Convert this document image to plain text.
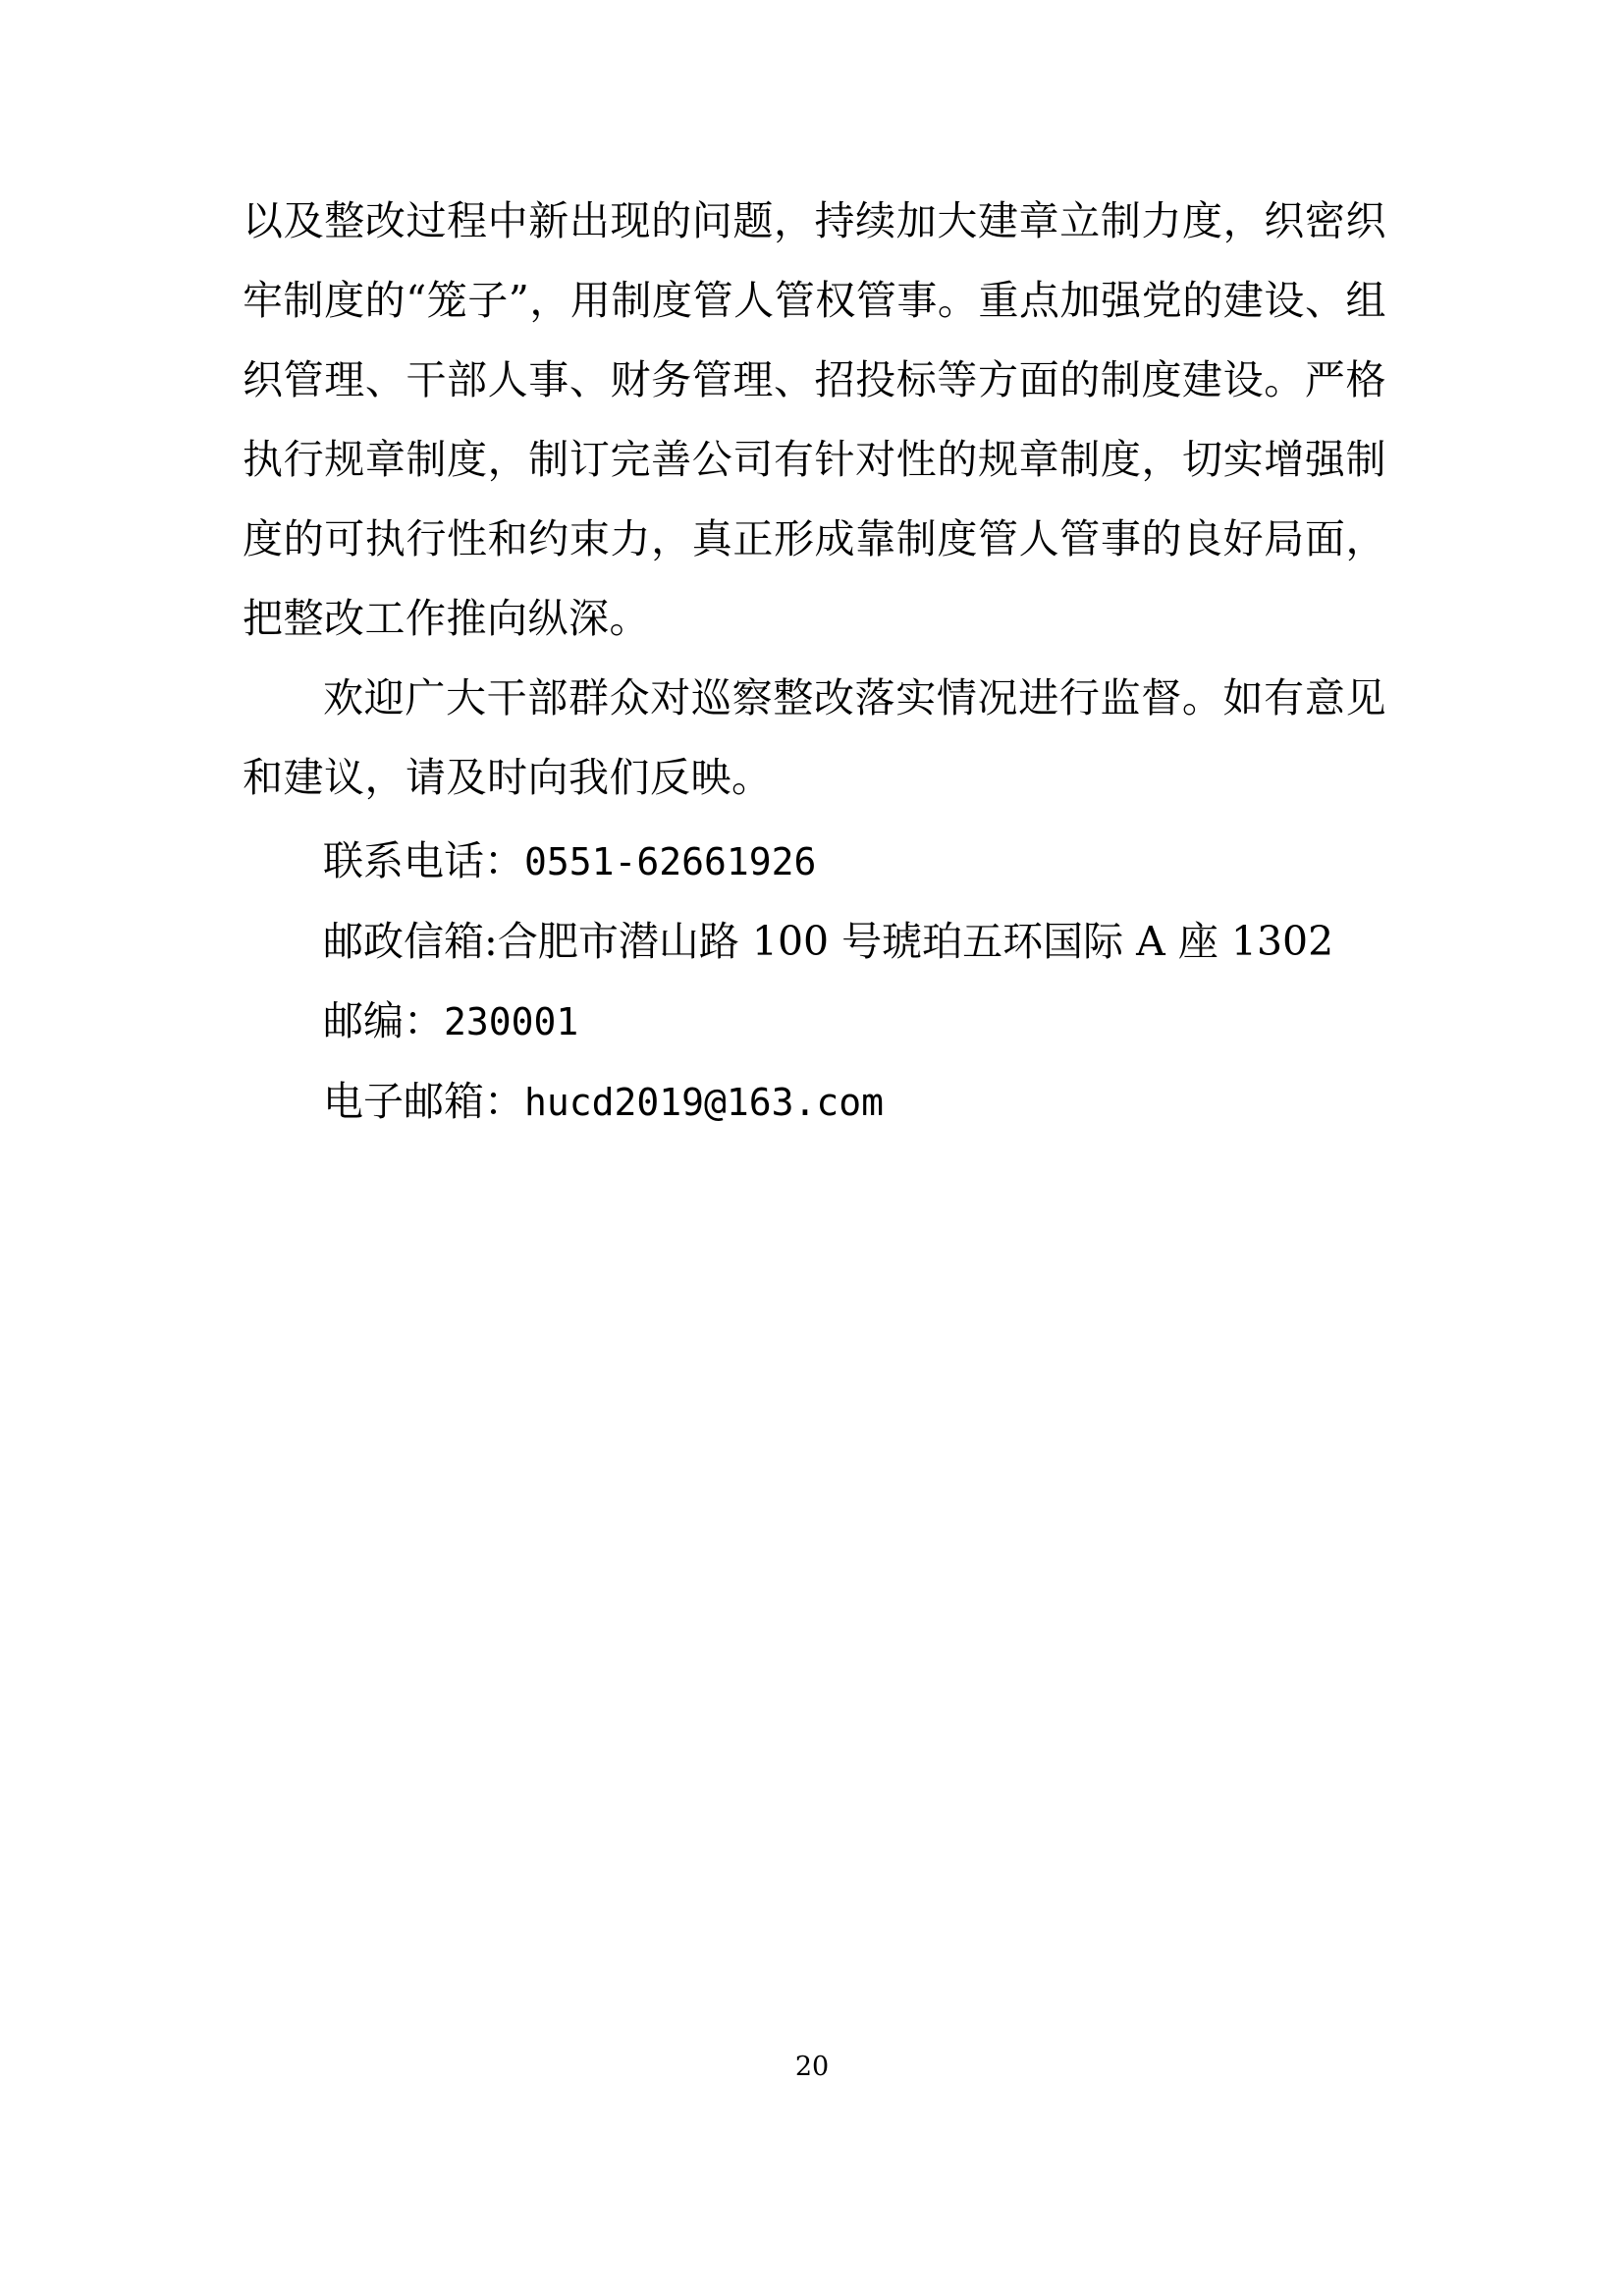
以及整改过程中新出现的问题，持续加大建章立制力度，织密织牢制度的“笼子”，用制度管人管权管事。重点加强党的建设、组织管理、干部人事、财务管理、招投标等方面的制度建设。严格执行规章制度，制订完善公司有针对性的规章制度，切实增强制度的可执行性和约束力，真正形成靠制度管人管事的良好局面，把整改工作推向纵深。

欢迎广大干部群众对巡察整改落实情况进行监督。如有意见和建议，请及时向我们反映。

联系电话：0551-62661926
邮政信箱:合肥市潜山路 100 号琥珀五环国际 A 座 1302
邮编：230001
电子邮箱：hucd2019@163.com
20
